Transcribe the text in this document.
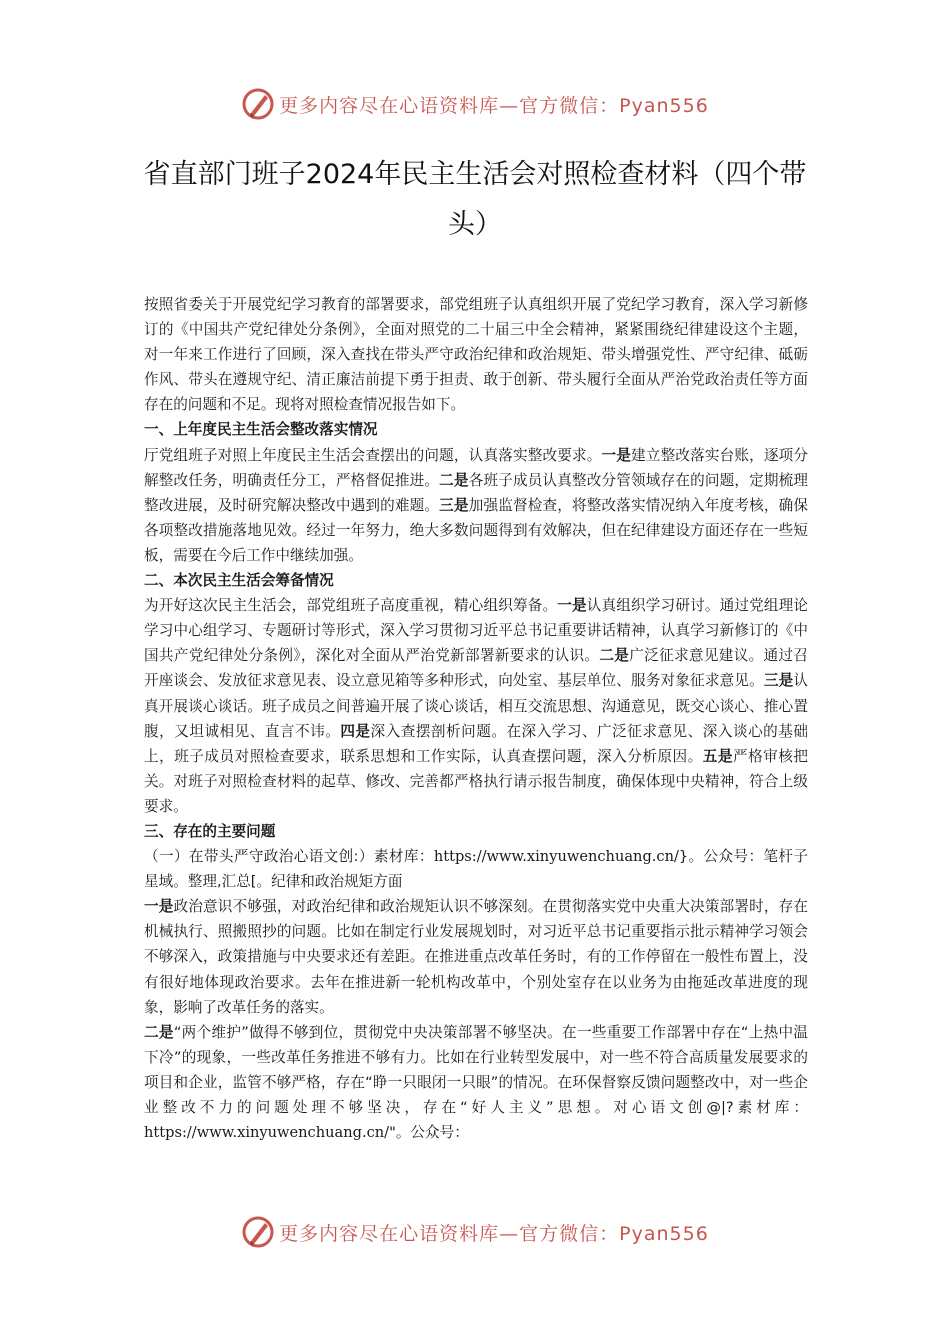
更多内容尽在心语资料库—官方微信：Pyan556
省直部门班子2024年民主生活会对照检查材料（四个带头）

按照省委关于开展党纪学习教育的部署要求，部党组班子认真组织开展了党纪学习教育，深入学习新修订的《中国共产党纪律处分条例》，全面对照党的二十届三中全会精神，紧紧围绕纪律建设这个主题，对一年来工作进行了回顾，深入查找在带头严守政治纪律和政治规矩、带头增强党性、严守纪律、砥砺作风、带头在遵规守纪、清正廉洁前提下勇于担责、敢于创新、带头履行全面从严治党政治责任等方面存在的问题和不足。现将对照检查情况报告如下。

一、上年度民主生活会整改落实情况

厅党组班子对照上年度民主生活会查摆出的问题，认真落实整改要求。一是建立整改落实台账，逐项分解整改任务，明确责任分工，严格督促推进。二是各班子成员认真整改分管领域存在的问题，定期梳理整改进展，及时研究解决整改中遇到的难题。三是加强监督检查，将整改落实情况纳入年度考核，确保各项整改措施落地见效。经过一年努力，绝大多数问题得到有效解决，但在纪律建设方面还存在一些短板，需要在今后工作中继续加强。

二、本次民主生活会筹备情况

为开好这次民主生活会，部党组班子高度重视，精心组织筹备。一是认真组织学习研讨。通过党组理论学习中心组学习、专题研讨等形式，深入学习贯彻习近平总书记重要讲话精神，认真学习新修订的《中国共产党纪律处分条例》，深化对全面从严治党新部署新要求的认识。二是广泛征求意见建议。通过召开座谈会、发放征求意见表、设立意见箱等多种形式，向处室、基层单位、服务对象征求意见。三是认真开展谈心谈话。班子成员之间普遍开展了谈心谈话，相互交流思想、沟通意见，既交心谈心、推心置腹，又坦诚相见、直言不讳。四是深入查摆剖析问题。在深入学习、广泛征求意见、深入谈心的基础上，班子成员对照检查要求，联系思想和工作实际，认真查摆问题，深入分析原因。五是严格审核把关。对班子对照检查材料的起草、修改、完善都严格执行请示报告制度，确保体现中央精神，符合上级要求。

三、存在的主要问题

（一）在带头严守政治心语文创:）素材库：https://www.xinyuwenchuang.cn/}。公众号：笔杆子星域。整理,汇总[。纪律和政治规矩方面

一是政治意识不够强，对政治纪律和政治规矩认识不够深刻。在贯彻落实党中央重大决策部署时，存在机械执行、照搬照抄的问题。比如在制定行业发展规划时，对习近平总书记重要指示批示精神学习领会不够深入，政策措施与中央要求还有差距。在推进重点改革任务时，有的工作停留在一般性布置上，没有很好地体现政治要求。去年在推进新一轮机构改革中，个别处室存在以业务为由拖延改革进度的现象，影响了改革任务的落实。

二是“两个维护”做得不够到位，贯彻党中央决策部署不够坚决。在一些重要工作部署中存在“上热中温下冷”的现象，一些改革任务推进不够有力。比如在行业转型发展中，对一些不符合高质量发展要求的项目和企业，监管不够严格，存在“睁一只眼闭一只眼”的情况。在环保督察反馈问题整改中，对一些企业整改不力的问题处理不够坚决，存在“好人主义”思想。对心语文创@|?素材库：https://www.xinyuwenchuang.cn/"。公众号：

更多内容尽在心语资料库—官方微信：Pyan556
